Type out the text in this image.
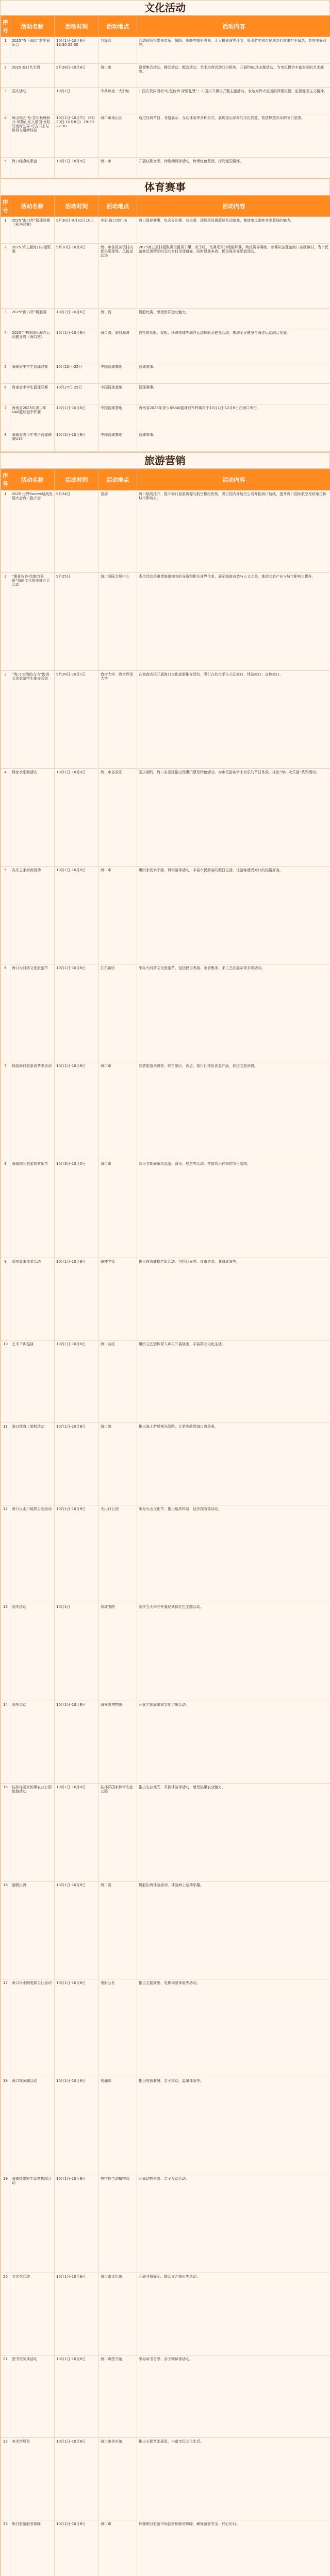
文化活动
序号	活动名称	活动时间	活动地点	活动内容
1	2025“春下海口”新甲辰乐会	10月1日-10月8日 19:30-22:30	万绿园	活动现场将带来音乐、舞蹈、歌曲等精彩表演，无人机表演等环节，吸引游客和市民朋友们前来打卡留念，共度美好时光。
2	2025 海口艺术周	9月28日-10月8日	海口市	设置集合活动、精品活动、配套活动、艺术培育活动四大板块，开展约61场主题活动，为市民提供丰富多彩的艺术盛宴。
3	国庆活动	10月1日	中共琼崖一大旧址	1.国庆快闪活动“红色传承·深情礼赞”；2.国庆升旗仪式暨主题活动，表达对伟大祖国的深情祝福，弘扬爱国主义精神。
4	琼山镜艺·松·苦乐秋晚秋分-风物山东人情国·世纪的南海艺界·巧古书上与数码交融新体验	10月1日-10月7日（9月30日-10月8日）19:30-22:30	海口市琼山区	通过经典节目、非遗展示、互动体验等多种形式，展现琼山深厚的文化底蕴，营造热烈欢乐的节日氛围。
5	海口纯净红歌会	10月1日-10月8日	海口市	开展红歌合唱、诗歌朗诵等活动，传承红色基因，抒发爱国情怀。
体育赛事
序号	活动名称	活动时间	活动地点	活动内容
1	2025“海口杯”篮球联赛（秋季联赛）	9月30日-9月31日10日	华彩·海口湾广场	海口篮球赛事，包含分区赛、总决赛，现场将设置篮球互动游戏，邀请市民游客共享篮球的魅力。
2	2025 第五届海口村超联赛	9月20日-10月8日	海口市各区各镇村内民俗足球场、民俗运动场	2025第五届村超联赛设置男子组、女子组，比赛采用分组循环赛、淘汰赛等赛制，参赛队伍覆盖海口各区镇村，为市民游客呈现精彩纷呈的乡村足球盛宴，同时设置美食、民俗展示等配套活动。
3	2025“海口杯”帆船赛	10月2日-10月6日	海口湾	帆船比赛，感受海洋运动魅力。
4	2025年中国国际海洋运动健身周（海口站）	10月1日-10月8日	海口湾、假日海滩	包括皮划艇、桨板、沙滩排球等海洋运动体验及健身活动，推动全民健身与海洋运动融合发展。
5	海南省中学生篮球联赛	10月22日-25日	中国篮球基地	篮球赛事。
6	海南省中学生篮球联赛	10月27日-29日	中国篮球基地	篮球赛事。
7	海南省2025年青少年U40篮球冠军杯赛	10月1日-10月8日	中国篮球基地	海南省2025年青少年U40篮球冠军杯赛将于10月1日-12月6日在海口举行。
8	海南省青少年男子篮球联赛U15	10月2日-10月8日	中国篮球基地	篮球赛事。
旅游营销
序号	活动名称	活动时间	活动地点	活动内容
1	2025 世界Routes航线发展大会海口推介会	9月24日	香港	海口航线推介，推介海口旅游资源与航空枢纽优势，吸引国内外航空公司开拓海口航线，提升海口国际航空枢纽地位和城市影响力。
2	“椰景妆容·绘制力双语”海南文化旅游推介会活动	9月25日	海口国际会展中心	本次活动将邀请海南知名的导游和相关业界代表，展示海南自然与人文之美，推动文旅产业与城市影响力提升。
3	“海口·大海的方向”海南文化旅游学生推介活动	9月28日-10月1日	海南大学、海南师范大学	在海南高校开展海口文化旅游推介活动，吸引在校大学生关注海口、体验海口、宣传海口。
4	椰家欢乐游活动	10月1日-10月8日	海口市各景区	国庆期间，海口各景区推出优惠门票及特色活动，为市民游客带来欢乐的节日体验，推出“海口欢乐游”系列活动。
5	宾乐之家海南活动	10月1日-10月8日	海口市	组织家庭亲子游、研学游等活动，丰富市民游客的假日生活，让游客感受海口的热情好客。
6	海口大河湾文化旅游节	10月1日-10月8日	江东新区	举办大河湾文化旅游节，包括民俗表演、美食集市、手工艺品展示等多项活动。
7	畅游海口旅游消费季活动	10月1日-10月8日	海口市	发放旅游消费券，联合景区、酒店、旅行社推出优惠产品，促进文旅消费。
8	海南国际旅游岛欢乐节	10月3日-10月5日	海口市	欢乐节期间举办巡游、演出、展览等活动，营造欢乐祥和的节日氛围。
9	国庆周末夜游活动	10月1日-10月8日	骑楼老街	推出夜游骑楼老街活动，包括灯光秀、夜市美食、非遗展演等。
10	艺术下乡巡演	10月1日-10月8日	海口各区	组织文艺团体深入乡村开展演出，丰富群众文化生活。
11	海口湾海上游船活动	10月1日-10月8日	海口湾	推出海上游船观光线路，让游客欣赏海口湾美景。
12	海口火山口地质公园活动	10月1日-10月8日	火山口公园	举办火山文化节，推出地质科普、徒步探险等活动。
13	国庆活动	10月1日	东坡书院	国庆当天举办升旗仪式和红色主题活动。
14	国庆活动	10月1日-10月8日	海南省博物馆	开展主题展览和文化讲座活动。
15	桂林洋国家热带农业公园旅游活动	10月1日-10月8日	桂林洋国家热带农业公园	推出农业观光、采摘体验等活动，感受热带农业魅力。
16	游帆出海	10月1日-10月8日	海口湾	帆船出海体验活动，体验海上运动乐趣。
17	海口冯小刚电影公社活动	10月1日-10月8日	电影公社	推出主题演出、电影场景体验等活动。
18	海口观澜湖活动	10月1日-10月8日	观澜湖	推出度假套餐、亲子活动、温泉体验等。
19	海南热带野生动植物园活动	10月1日-10月8日	热带野生动植物园	开展动物科普、亲子互动活动。
20	文化馆活动	10月1日-10月8日	海口市文化馆	开展非遗展示、群众文艺演出等活动。
21	图书馆阅读活动	10月1日-10月8日	海口市图书馆	举办读书分享、亲子阅读等活动。
22	美术馆展览	10月1日-10月8日	海口市美术馆	推出主题艺术展览，丰富市民文化生活。
23	假日旅游服务保障	10月1日-10月8日	海口市	加强假日旅游市场监管和服务保障，确保游客安全、舒心出行。
